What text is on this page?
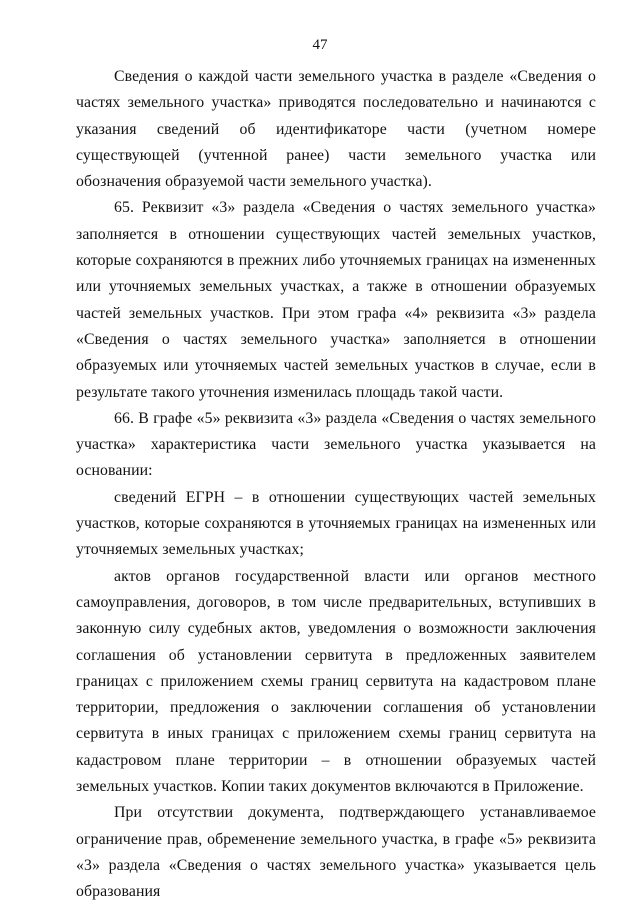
47

Сведения о каждой части земельного участка в разделе «Сведения о частях земельного участка» приводятся последовательно и начинаются с указания сведений об идентификаторе части (учетном номере существующей (учтенной ранее) части земельного участка или обозначения образуемой части земельного участка).

65. Реквизит «3» раздела «Сведения о частях земельного участка» заполняется в отношении существующих частей земельных участков, которые сохраняются в прежних либо уточняемых границах на измененных или уточняемых земельных участках, а также в отношении образуемых частей земельных участков. При этом графа «4» реквизита «3» раздела «Сведения о частях земельного участка» заполняется в отношении образуемых или уточняемых частей земельных участков в случае, если в результате такого уточнения изменилась площадь такой части.

66. В графе «5» реквизита «3» раздела «Сведения о частях земельного участка» характеристика части земельного участка указывается на основании:

сведений ЕГРН – в отношении существующих частей земельных участков, которые сохраняются в уточняемых границах на измененных или уточняемых земельных участках;

актов органов государственной власти или органов местного самоуправления, договоров, в том числе предварительных, вступивших в законную силу судебных актов, уведомления о возможности заключения соглашения об установлении сервитута в предложенных заявителем границах с приложением схемы границ сервитута на кадастровом плане территории, предложения о заключении соглашения об установлении сервитута в иных границах с приложением схемы границ сервитута на кадастровом плане территории – в отношении образуемых частей земельных участков. Копии таких документов включаются в Приложение.

При отсутствии документа, подтверждающего устанавливаемое ограничение прав, обременение земельного участка, в графе «5» реквизита «3» раздела «Сведения о частях земельного участка» указывается цель образования
